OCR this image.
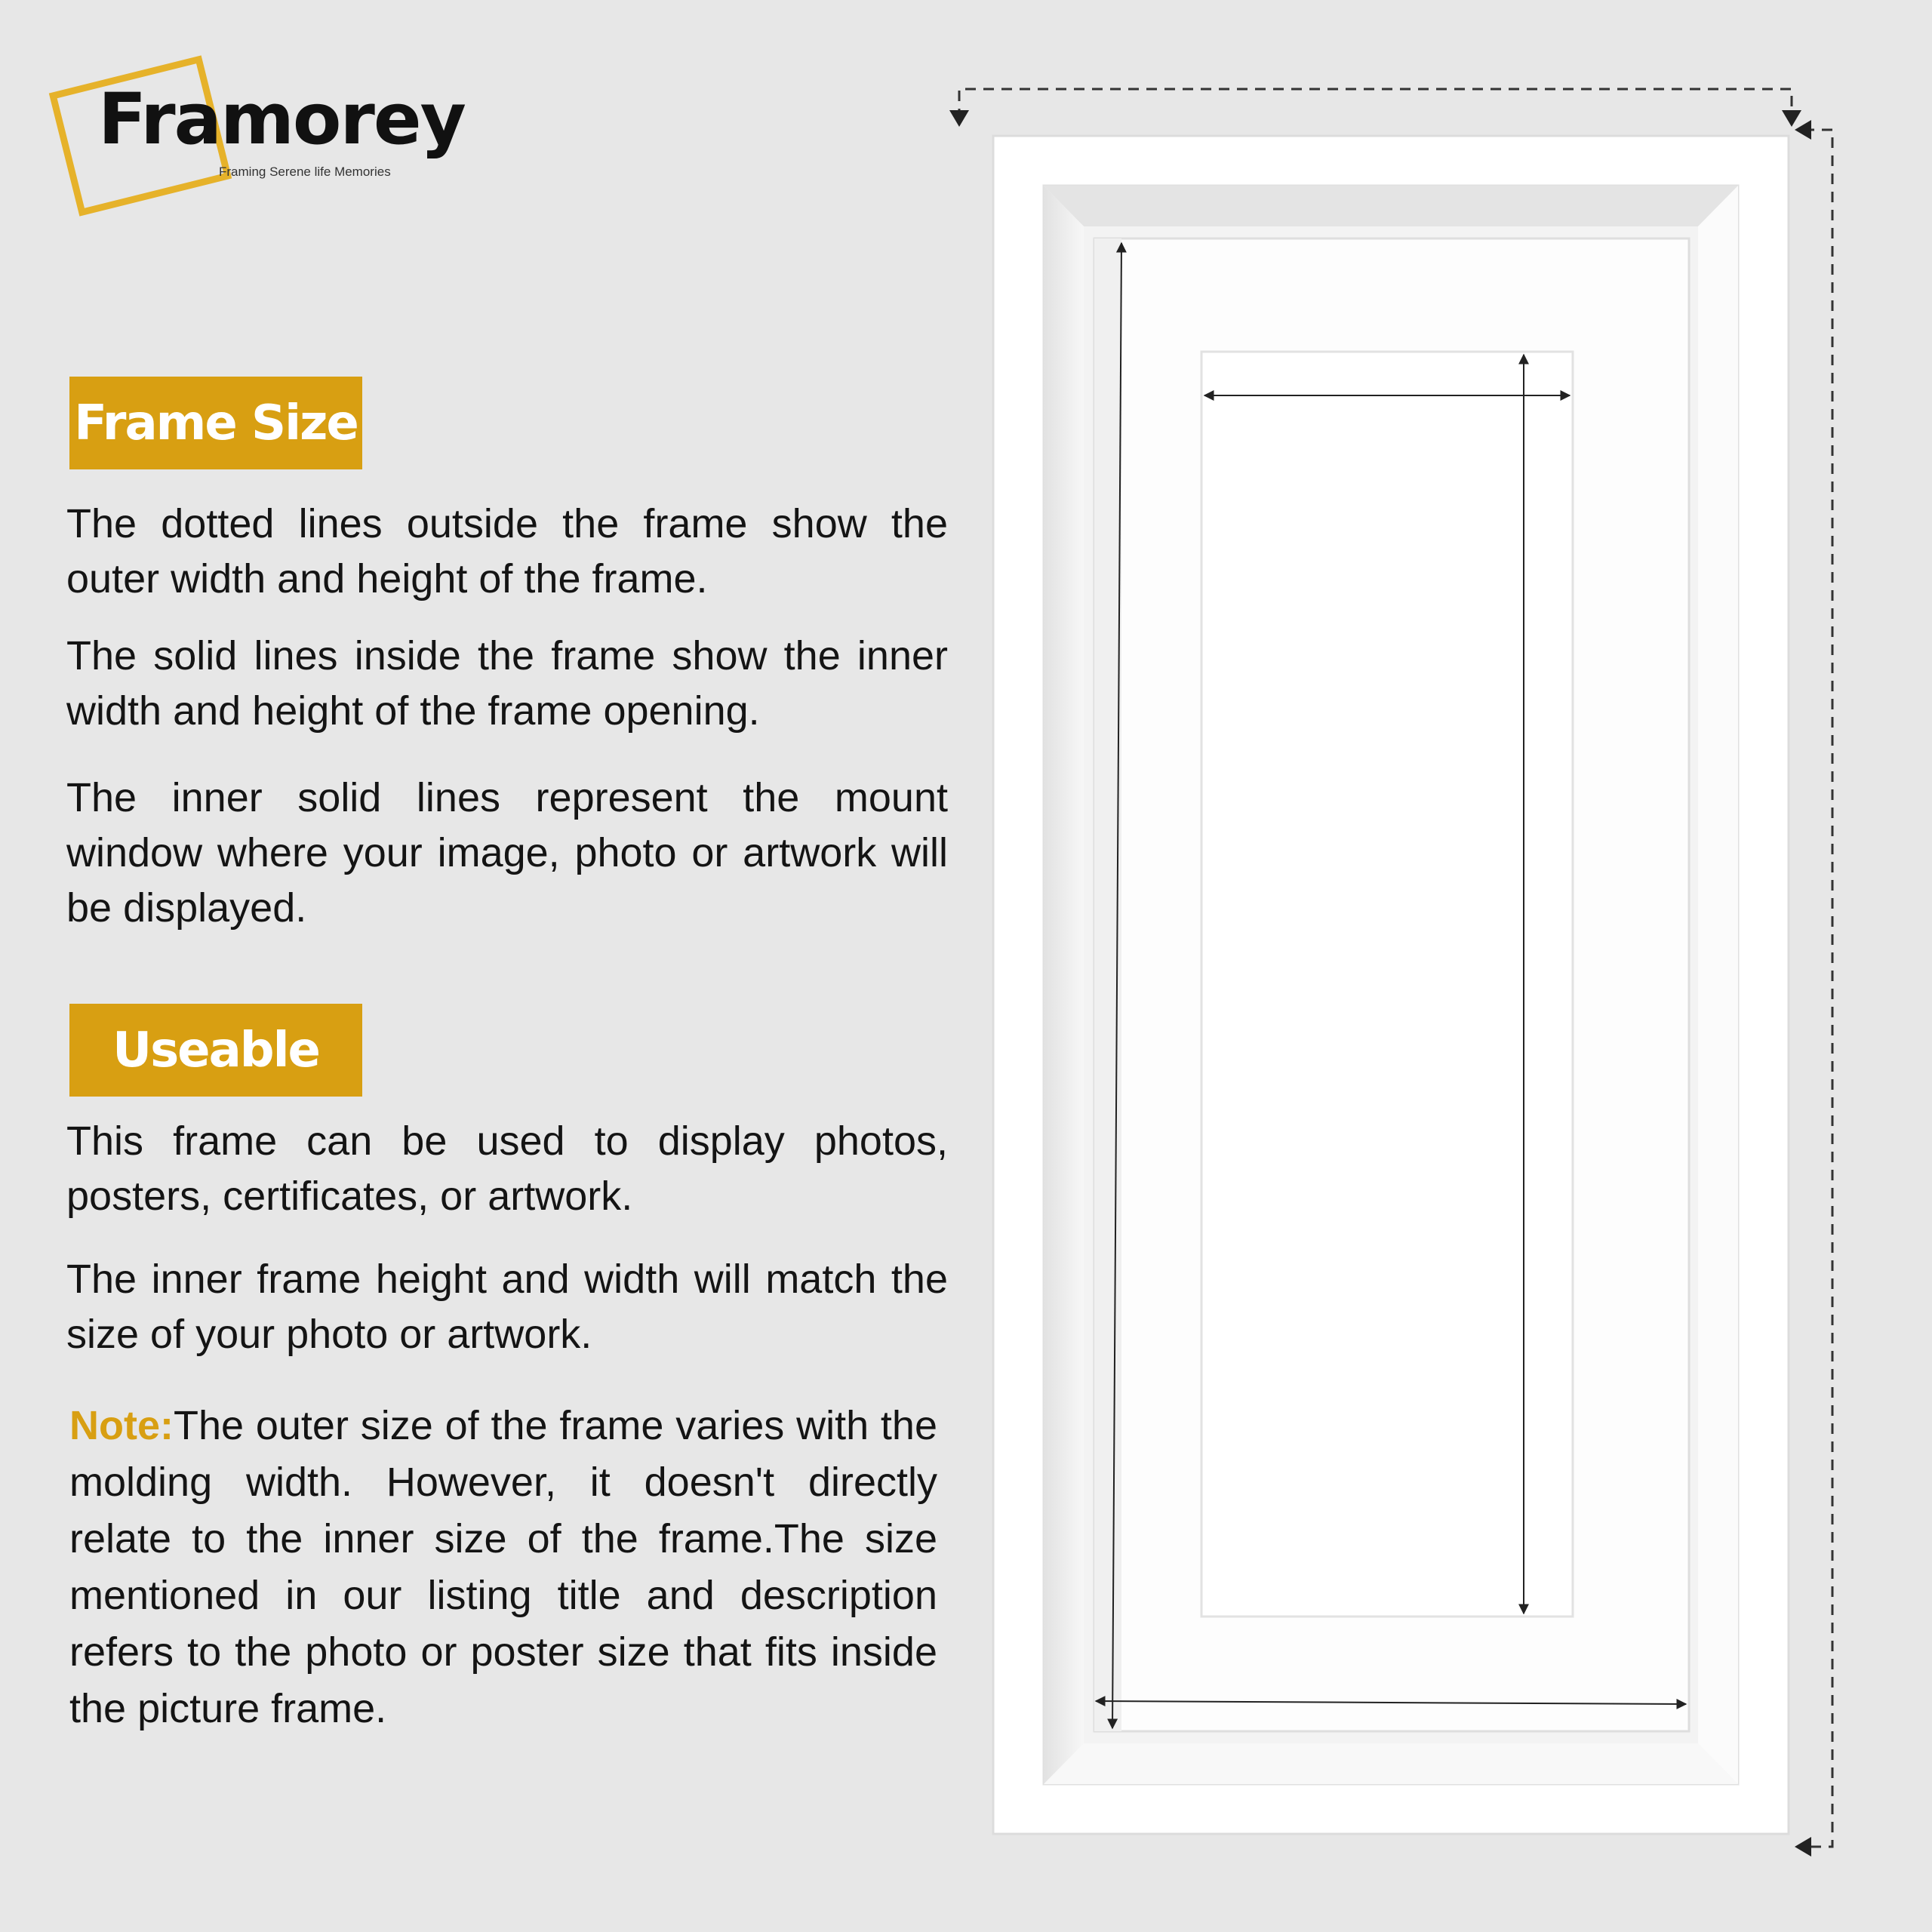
Framorey
Framing Serene life Memories
Frame Size

The dotted lines outside the frame show the outer width and height of the frame.

The solid lines inside the frame show the inner width and height of the frame opening.

The inner solid lines represent the mount window where your image, photo or artwork will be displayed.

Useable

This frame can be used to display photos, posters, certificates, or artwork.

The inner frame height and width will match the size of your photo or artwork.

Note:The outer size of the frame varies with the molding width. However, it doesn't directly relate to the inner size of the frame.The size mentioned in our listing title and description refers to the photo or poster size that fits inside the picture frame.
